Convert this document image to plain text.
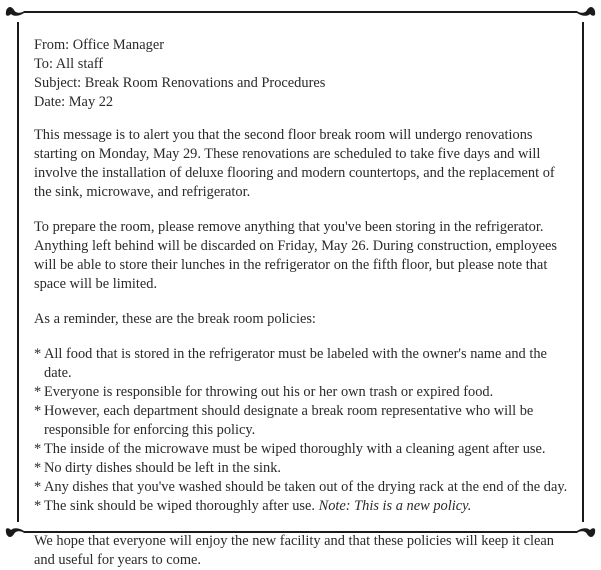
From: Office Manager
To: All staff
Subject: Break Room Renovations and Procedures
Date: May 22

This message is to alert you that the second floor break room will undergo renovations starting on Monday, May 29. These renovations are scheduled to take five days and will involve the installation of deluxe flooring and modern countertops, and the replacement of the sink, microwave, and refrigerator.

To prepare the room, please remove anything that you've been storing in the refrigerator. Anything left behind will be discarded on Friday, May 26. During construction, employees will be able to store their lunches in the refrigerator on the fifth floor, but please note that space will be limited.

As a reminder, these are the break room policies:

* All food that is stored in the refrigerator must be labeled with the owner's name and the date.
* Everyone is responsible for throwing out his or her own trash or expired food.
* However, each department should designate a break room representative who will be responsible for enforcing this policy.
* The inside of the microwave must be wiped thoroughly with a cleaning agent after use.
* No dirty dishes should be left in the sink.
* Any dishes that you've washed should be taken out of the drying rack at the end of the day.
* The sink should be wiped thoroughly after use. Note: This is a new policy.

We hope that everyone will enjoy the new facility and that these policies will keep it clean and useful for years to come.
